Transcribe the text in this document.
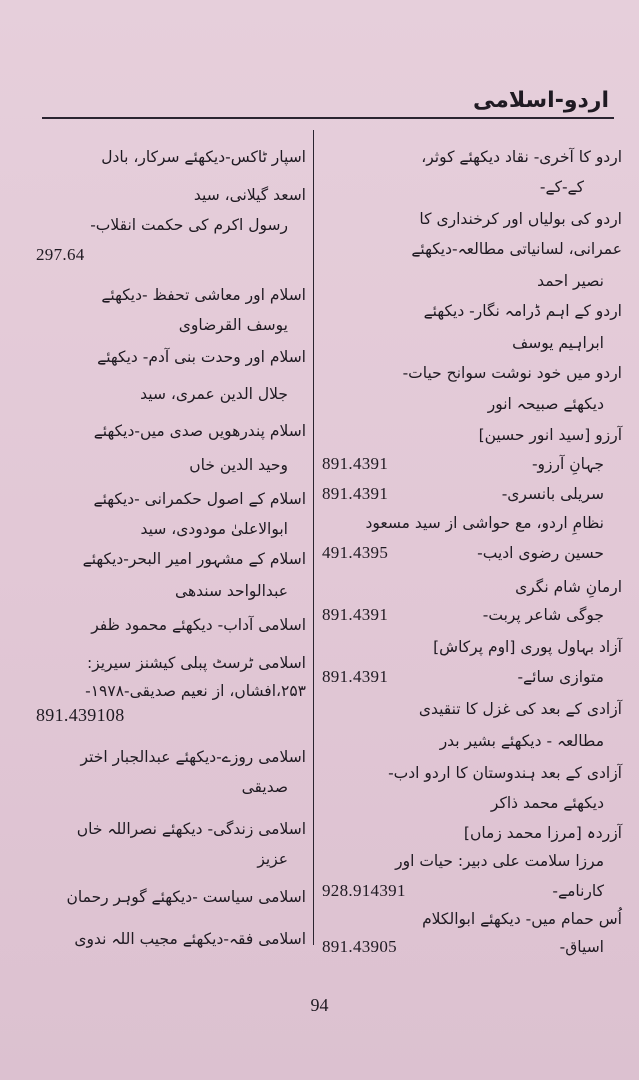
اردو-اسلامی
اردو کا آخری- نقاد دیکھئے کوثر،
کے-کے-
اردو کی بولیاں اور کرخنداری کا
عمرانی، لسانیاتی مطالعہ-دیکھئے
نصیر احمد
اردو کے اہم ڈرامہ نگار- دیکھئے
ابراہیم یوسف
اردو میں خود نوشت سوانح حیات-
دیکھئے صبیحہ انور
آرزو [سید انور حسین]
جہانِ آرزو-
891.4391
سریلی بانسری-
891.4391
نظامِ اردو، مع حواشی از سید مسعود
حسین رضوی ادیب-
491.4395
ارمانِ شام نگری
جوگی شاعر پربت-
891.4391
آزاد بہاول پوری [اوم پرکاش]
متوازی سائے-
891.4391
آزادی کے بعد کی غزل کا تنقیدی
مطالعہ - دیکھئے بشیر بدر
آزادی کے بعد ہندوستان کا اردو ادب-
دیکھئے محمد ذاکر
آزردہ [مرزا محمد زماں]
مرزا سلامت علی دبیر: حیات اور
کارنامے-
928.914391
اُس حمام میں- دیکھئے ابوالکلام
اسیاق-
891.43905
اسپار ٹاکس-دیکھئے سرکار، بادل
اسعد گیلانی، سید
رسول اکرم کی حکمت انقلاب-
297.64
اسلام اور معاشی تحفظ -دیکھئے
یوسف القرضاوی
اسلام اور وحدت بنی آدم- دیکھئے
جلال الدین عمری، سید
اسلام پندرھویں صدی میں-دیکھئے
وحید الدین خاں
اسلام کے اصول حکمرانی -دیکھئے
ابوالاعلیٰ مودودی، سید
اسلام کے مشہور امیر البحر-دیکھئے
عبدالواحد سندھی
اسلامی آداب- دیکھئے محمود ظفر
اسلامی ٹرسٹ پبلی کیشنز سیریز:
۲۵۳،افشاں، از نعیم صدیقی-۱۹۷۸-
891.439108
اسلامی روزے-دیکھئے عبدالجبار اختر
صدیقی
اسلامی زندگی- دیکھئے نصراللہ خاں
عزیز
اسلامی سیاست -دیکھئے گوہر رحمان
اسلامی فقہ-دیکھئے مجیب اللہ ندوی
94
